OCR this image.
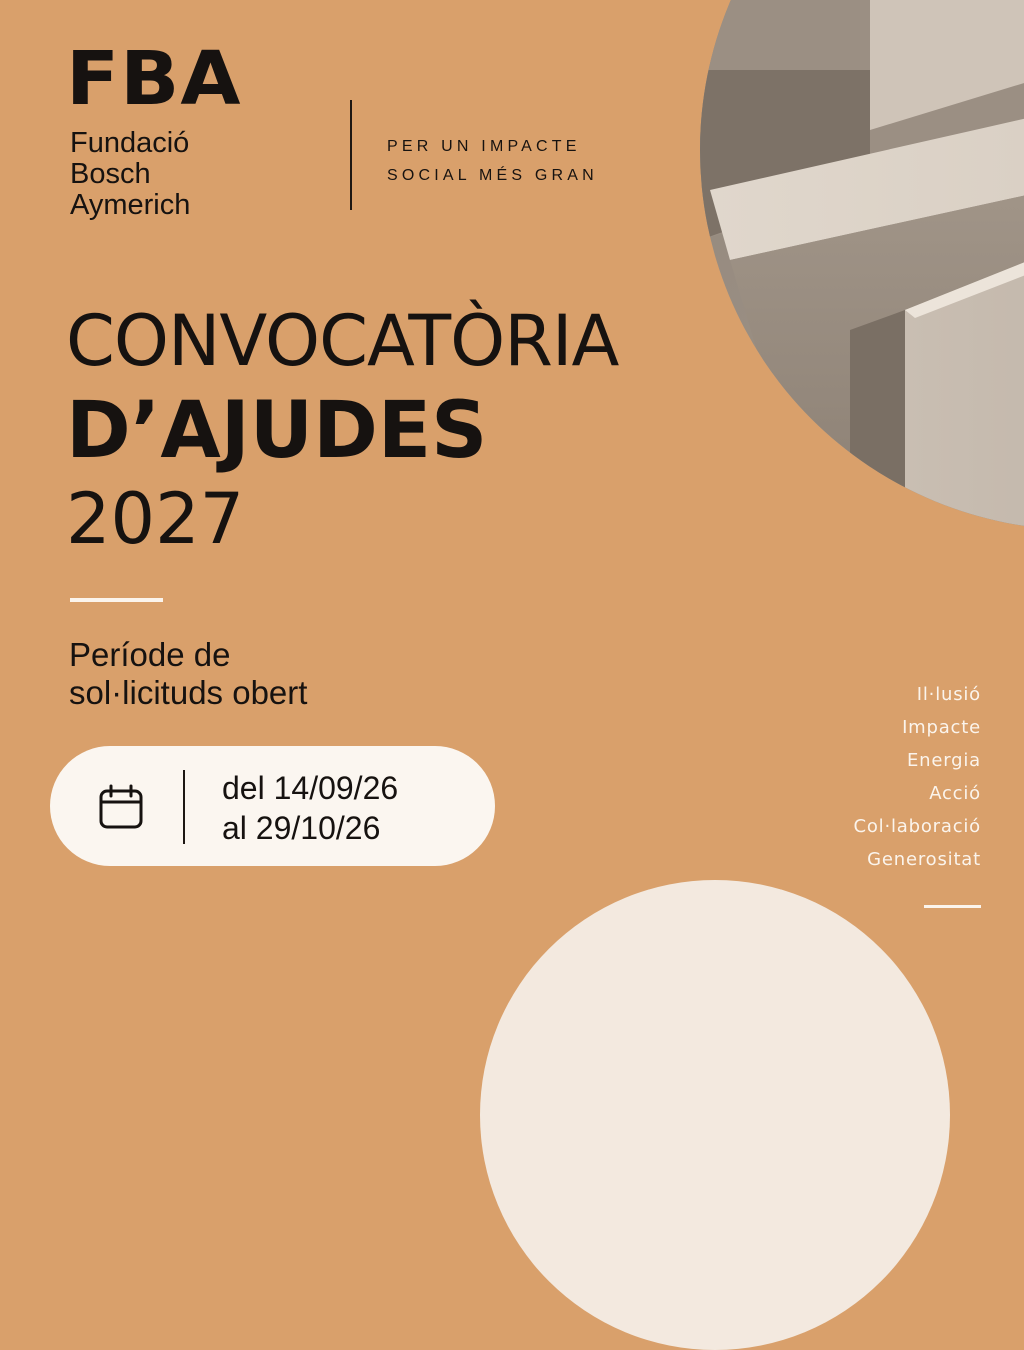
FBA
Fundació
Bosch
Aymerich
PER UN IMPACTE
SOCIAL MÉS GRAN
CONVOCATÒRIA
D’AJUDES
2027
Període de
sol·licituds obert
del 14/09/26
al 29/10/26
Il·lusió
Impacte
Energia
Acció
Col·laboració
Generositat
